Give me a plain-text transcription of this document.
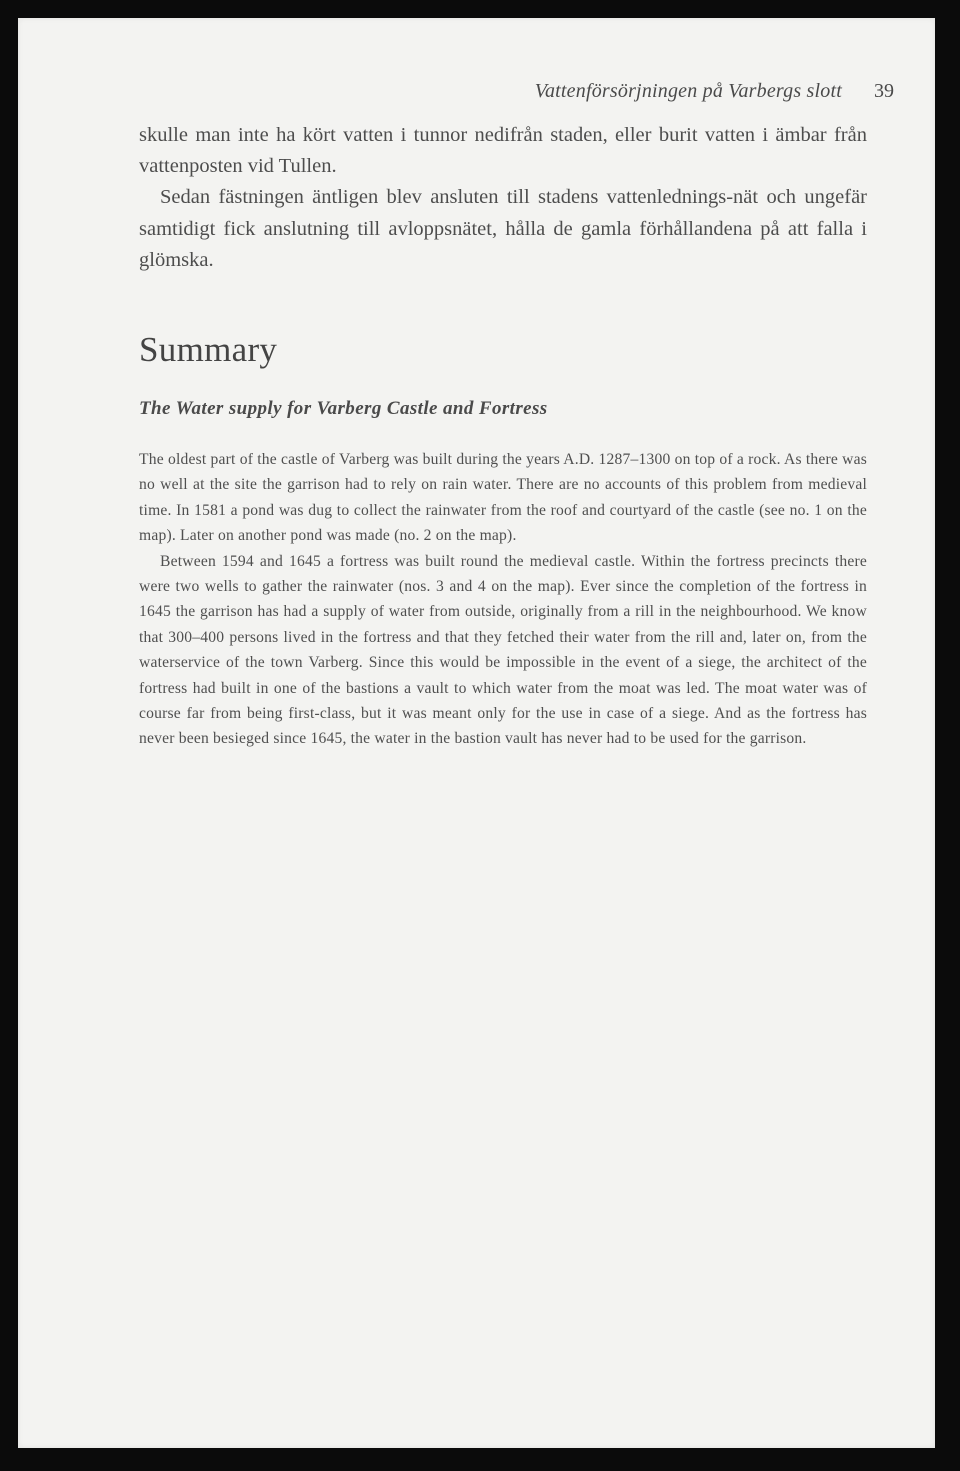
Vattenförsörjningen på Varbergs slott 39

skulle man inte ha kört vatten i tunnor nedifrån staden, eller burit vatten i ämbar från vattenposten vid Tullen.

Sedan fästningen äntligen blev ansluten till stadens vattenlednings-nät och ungefär samtidigt fick anslutning till avloppsnätet, hålla de gamla förhållandena på att falla i glömska.

Summary
The Water supply for Varberg Castle and Fortress

The oldest part of the castle of Varberg was built during the years A.D. 1287–1300 on top of a rock. As there was no well at the site the garrison had to rely on rain water. There are no accounts of this problem from medieval time. In 1581 a pond was dug to collect the rainwater from the roof and courtyard of the castle (see no. 1 on the map). Later on another pond was made (no. 2 on the map).

Between 1594 and 1645 a fortress was built round the medieval castle. Within the fortress precincts there were two wells to gather the rainwater (nos. 3 and 4 on the map). Ever since the completion of the fortress in 1645 the garrison has had a supply of water from outside, originally from a rill in the neighbourhood. We know that 300–400 persons lived in the fortress and that they fetched their water from the rill and, later on, from the waterservice of the town Varberg. Since this would be impossible in the event of a siege, the architect of the fortress had built in one of the bastions a vault to which water from the moat was led. The moat water was of course far from being first-class, but it was meant only for the use in case of a siege. And as the fortress has never been besieged since 1645, the water in the bastion vault has never had to be used for the garrison.
